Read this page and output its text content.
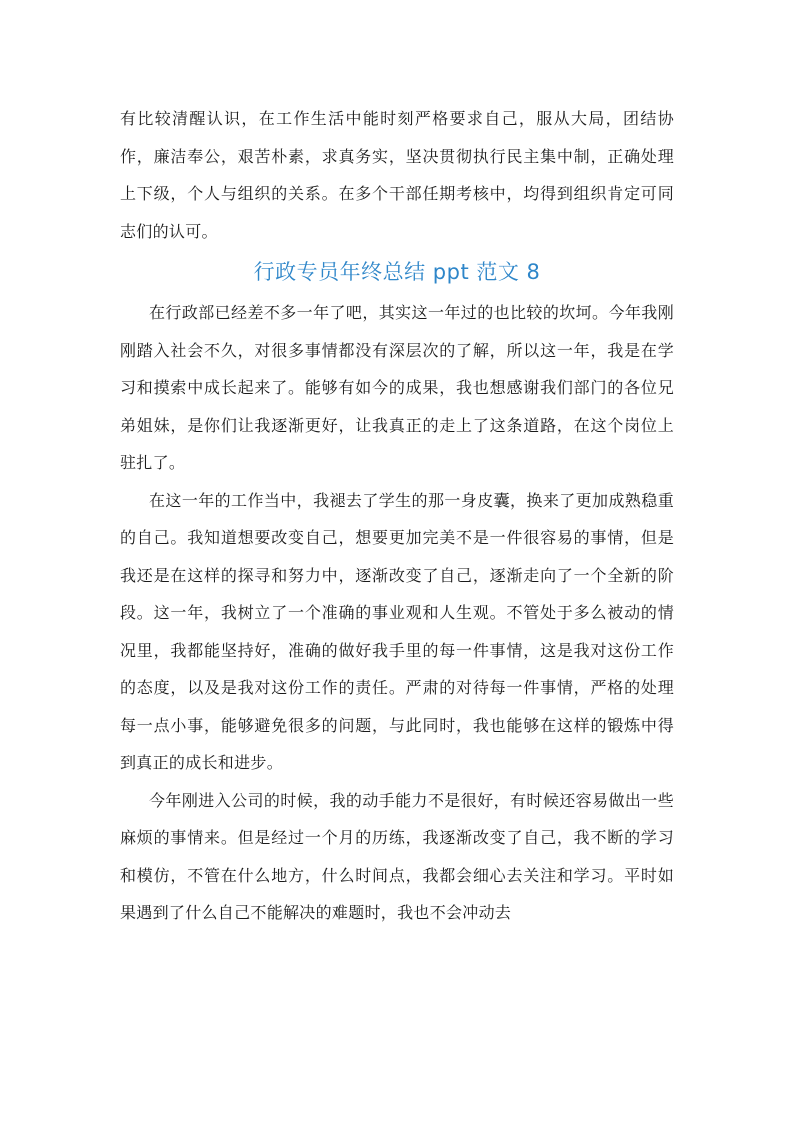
有比较清醒认识，在工作生活中能时刻严格要求自己，服从大局，团结协作，廉洁奉公，艰苦朴素，求真务实，坚决贯彻执行民主集中制，正确处理上下级，个人与组织的关系。在多个干部任期考核中，均得到组织肯定可同志们的认可。

行政专员年终总结 ppt 范文 8

在行政部已经差不多一年了吧，其实这一年过的也比较的坎坷。今年我刚刚踏入社会不久，对很多事情都没有深层次的了解，所以这一年，我是在学习和摸索中成长起来了。能够有如今的成果，我也想感谢我们部门的各位兄弟姐妹，是你们让我逐渐更好，让我真正的走上了这条道路，在这个岗位上驻扎了。

在这一年的工作当中，我褪去了学生的那一身皮囊，换来了更加成熟稳重的自己。我知道想要改变自己，想要更加完美不是一件很容易的事情，但是我还是在这样的探寻和努力中，逐渐改变了自己，逐渐走向了一个全新的阶段。这一年，我树立了一个准确的事业观和人生观。不管处于多么被动的情况里，我都能坚持好，准确的做好我手里的每一件事情，这是我对这份工作的态度，以及是我对这份工作的责任。严肃的对待每一件事情，严格的处理每一点小事，能够避免很多的问题，与此同时，我也能够在这样的锻炼中得到真正的成长和进步。

今年刚进入公司的时候，我的动手能力不是很好，有时候还容易做出一些麻烦的事情来。但是经过一个月的历练，我逐渐改变了自己，我不断的学习和模仿，不管在什么地方，什么时间点，我都会细心去关注和学习。平时如果遇到了什么自己不能解决的难题时，我也不会冲动去
